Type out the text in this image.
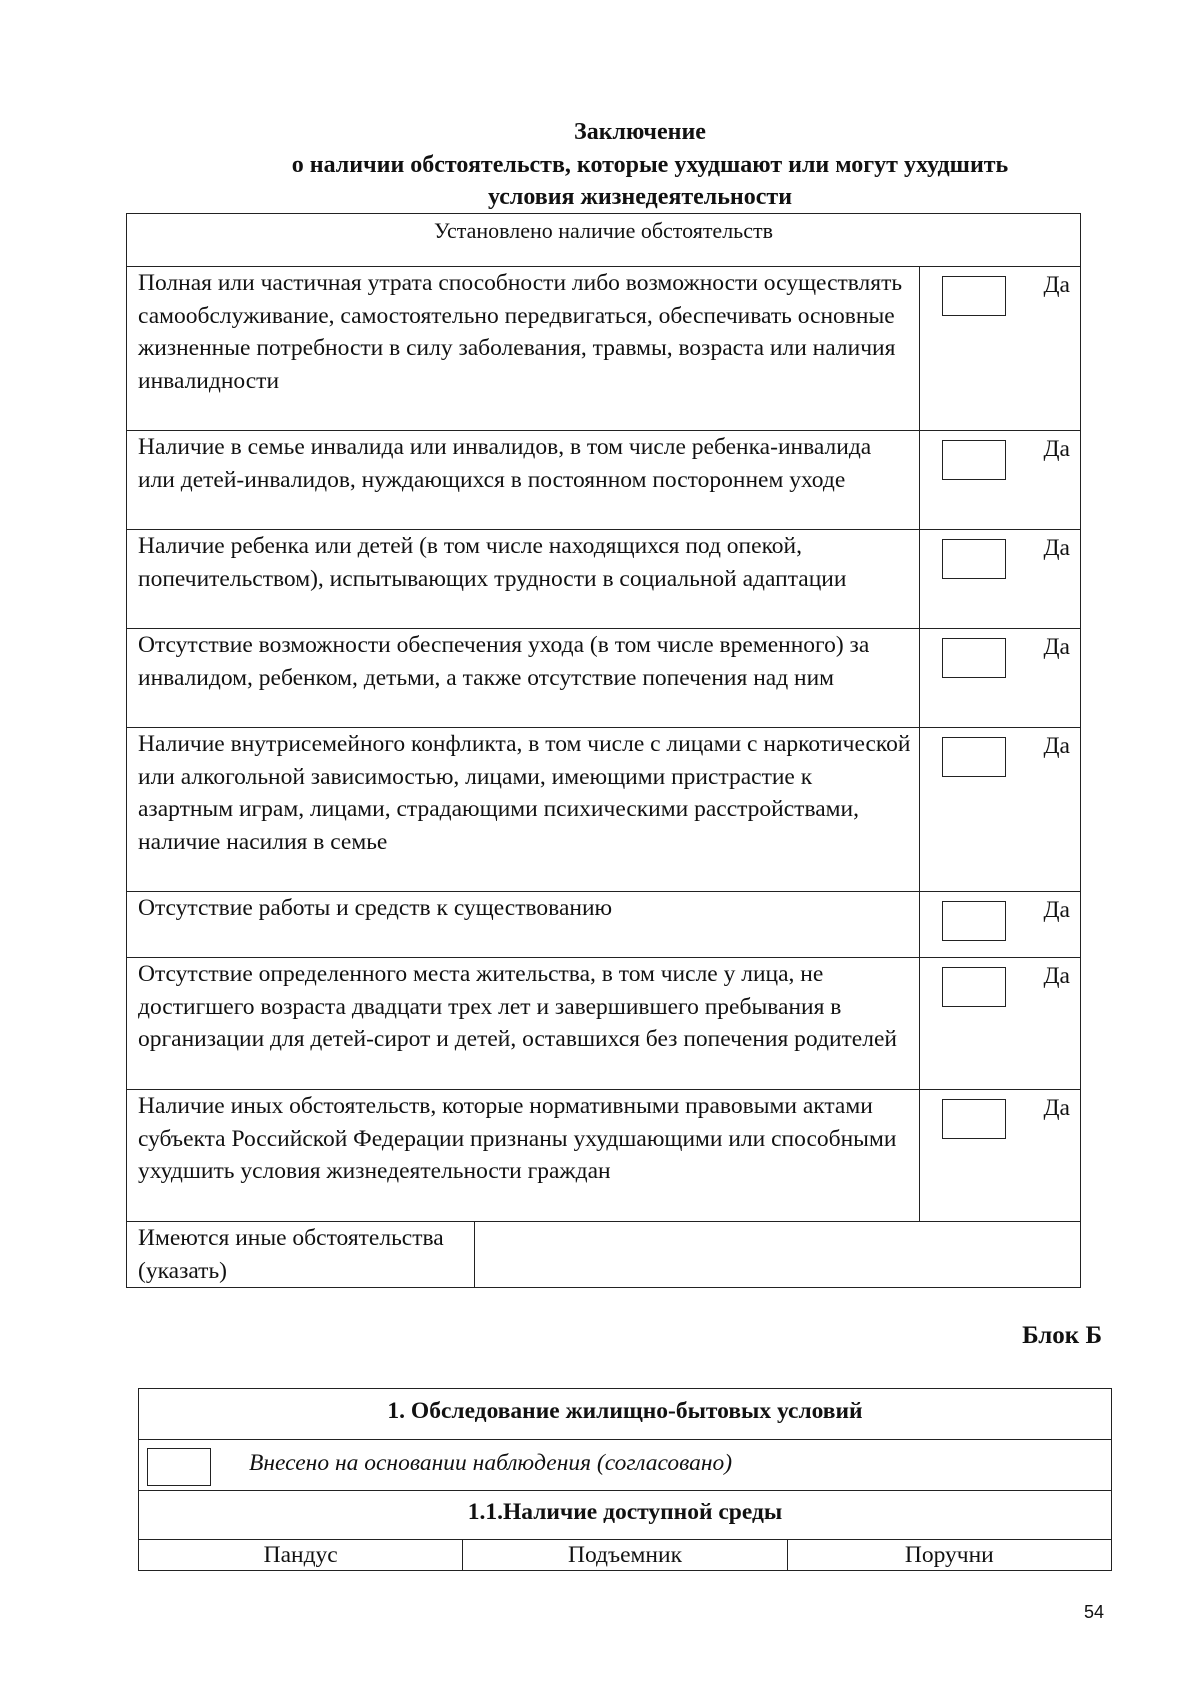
Заключение
о наличии обстоятельств, которые ухудшают или могут ухудшить
условия жизнедеятельности
Установлено наличие обстоятельств		
Полная или частичная утрата способности либо возможности осуществлять самообслуживание, самостоятельно передвигаться, обеспечивать основные жизненные потребности в силу заболевания, травмы, возраста или наличия инвалидности		Да

Наличие в семье инвалида или инвалидов, в том числе ребенка-инвалида или детей-инвалидов, нуждающихся в постоянном постороннем уходе		Да

Наличие ребенка или детей (в том числе находящихся под опекой, попечительством), испытывающих трудности в социальной адаптации		Да

Отсутствие возможности обеспечения ухода (в том числе временного) за инвалидом, ребенком, детьми, а также отсутствие попечения над ним		Да

Наличие внутрисемейного конфликта, в том числе с лицами с наркотической или алкогольной зависимостью, лицами, имеющими пристрастие к азартным играм, лицами, страдающими психическими расстройствами, наличие насилия в семье		Да

Отсутствие работы и средств к существованию		Да

Отсутствие определенного места жительства, в том числе у лица, не достигшего возраста двадцати трех лет и завершившего пребывания в организации для детей-сирот и детей, оставшихся без попечения родителей		Да

Наличие иных обстоятельств, которые нормативными правовыми актами субъекта Российской Федерации признаны ухудшающими или способными ухудшить условия жизнедеятельности граждан		Да

Имеются иные обстоятельства (указать)		
Блок Б
1. Обследование жилищно-бытовых условий

Внесено на основании наблюдения (согласовано)

1.1.Наличие доступной среды
Пандус	Подъемник	Поручни
54
